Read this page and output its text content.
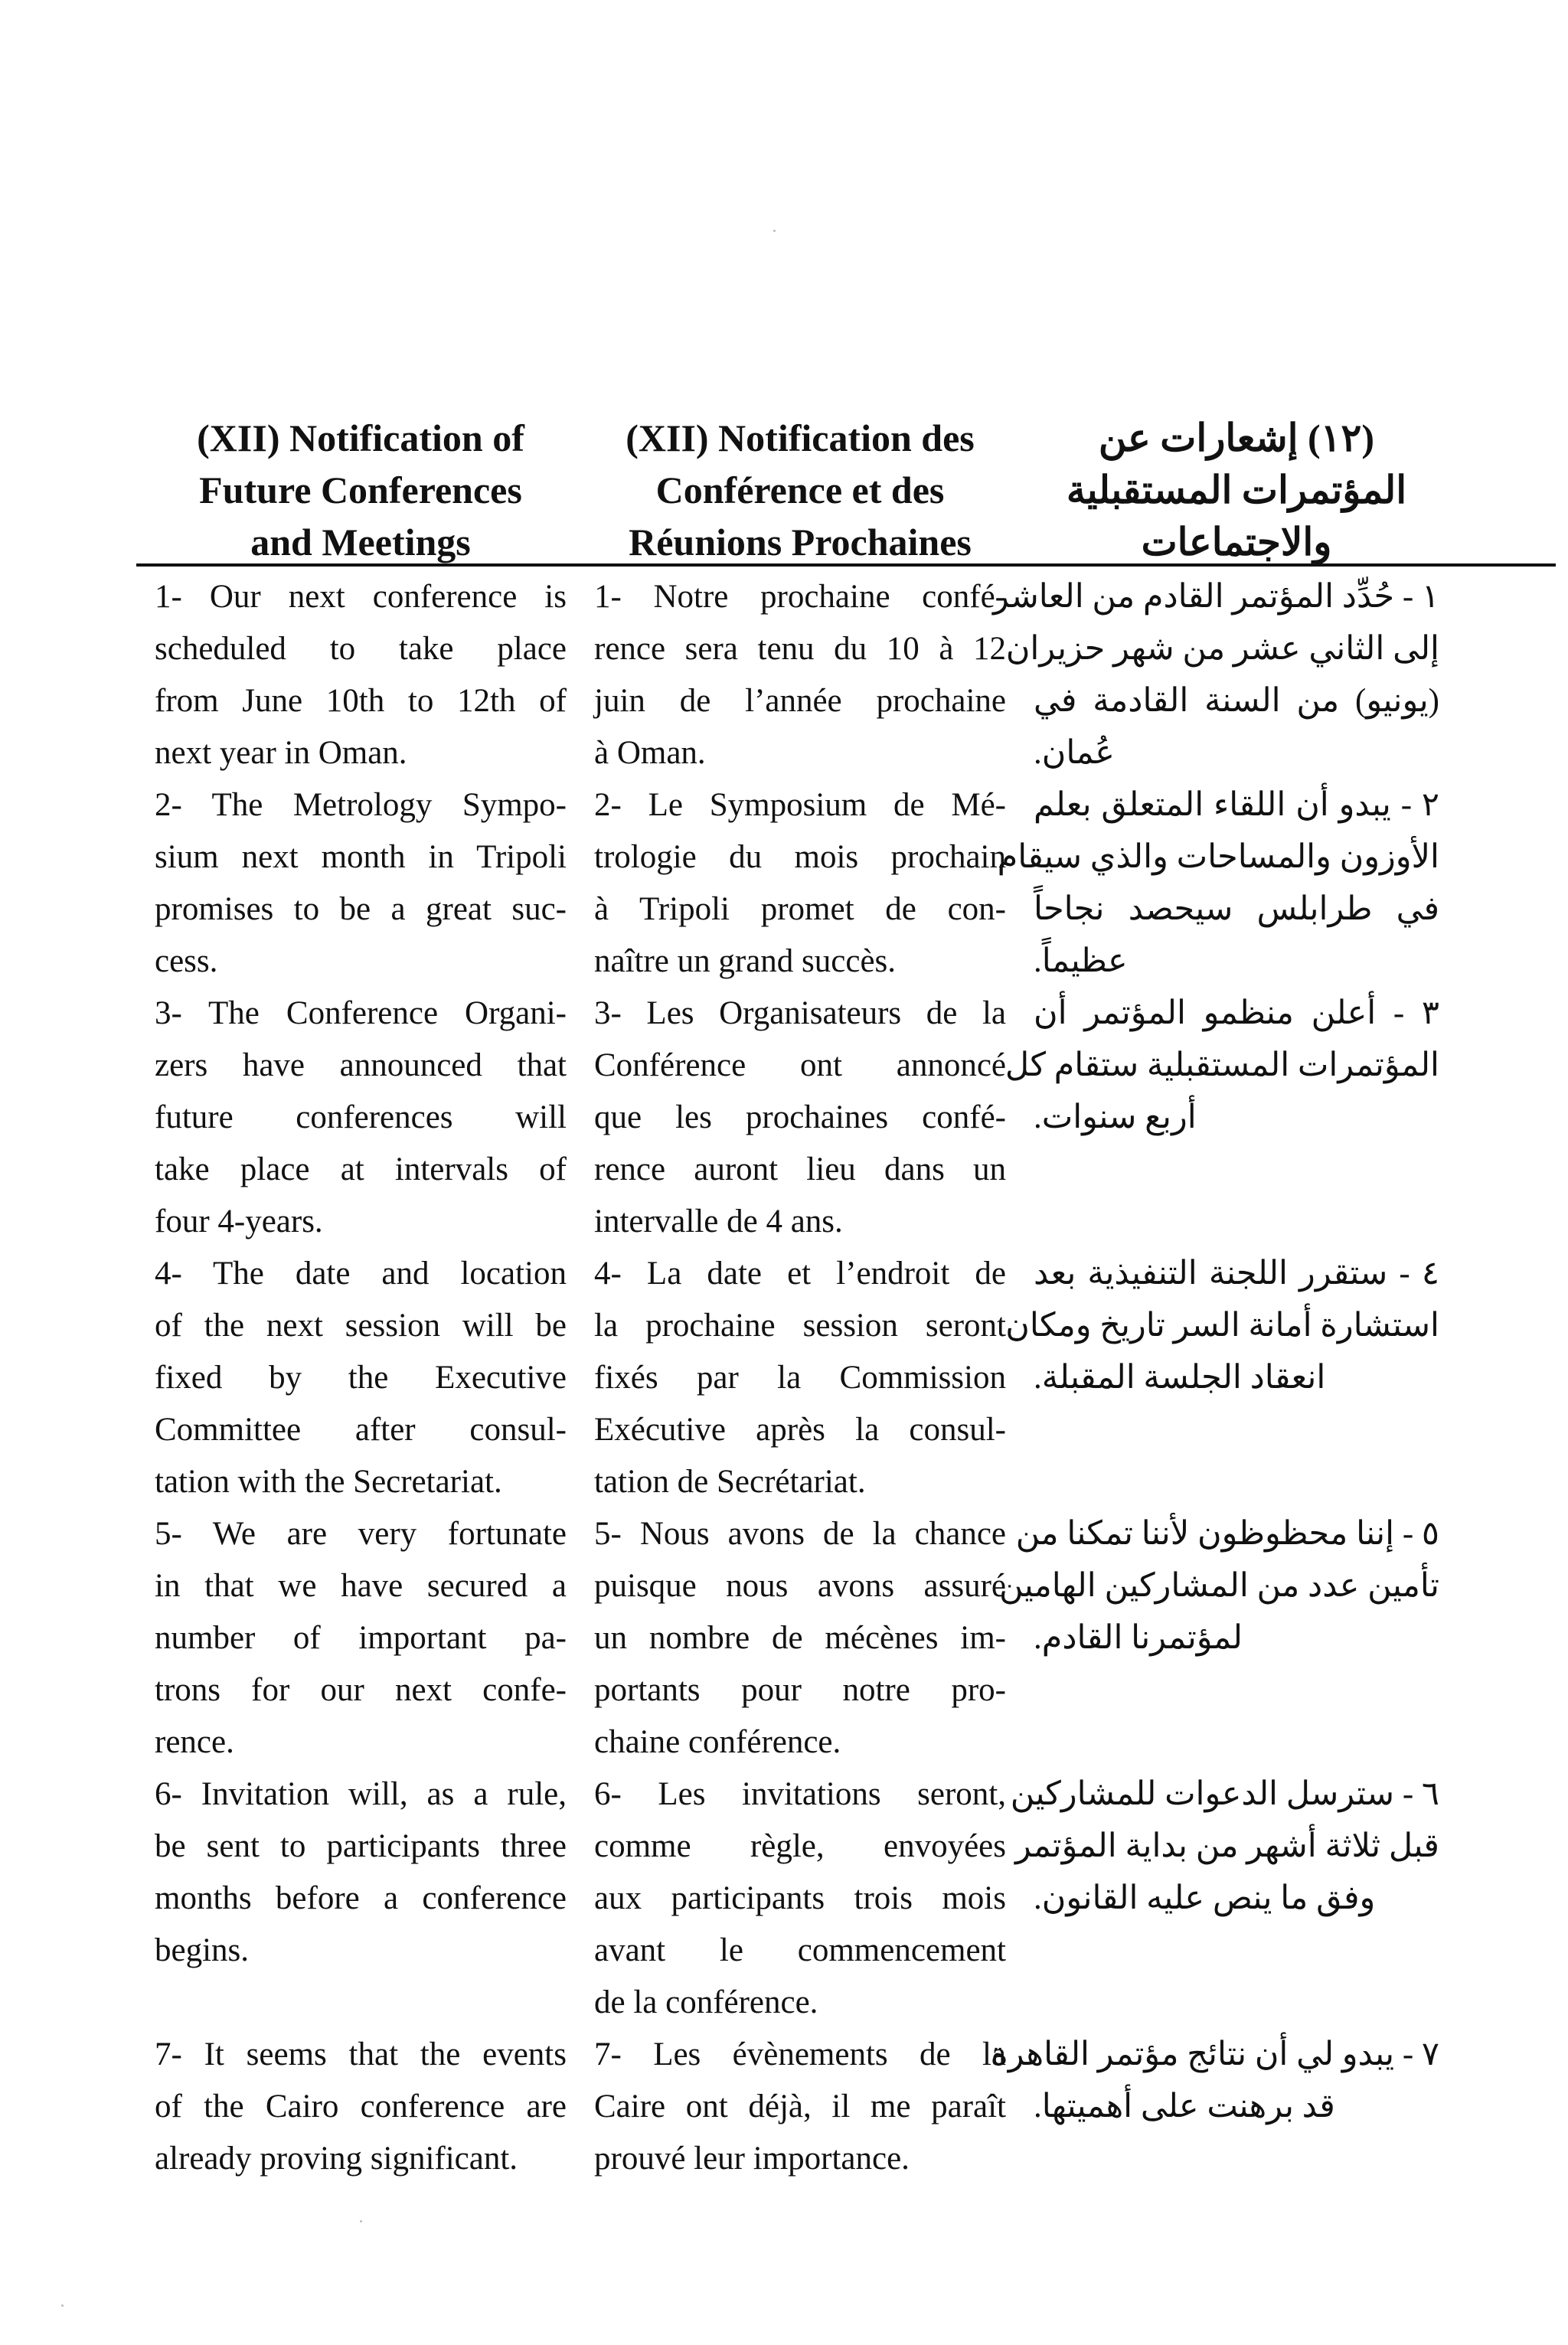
(XII) Notification of
Future Conferences
and Meetings
(XII) Notification des
Conférence et des
Réunions Prochaines
(١٢) إشعارات عن
المؤتمرات المستقبلية
والاجتماعات
1- Our next conference is
scheduled to take place
from June 10th to 12th of
next year in Oman.
1- Notre prochaine confé-
rence sera tenu du 10 à 12
juin de l’année prochaine
à Oman.
١ - حُدِّد المؤتمر القادم من العاشر
إلى الثاني عشر من شهر حزيران
(يونيو) من السنة القادمة في
عُمان.
2- The Metrology Sympo-
sium next month in Tripoli
promises to be a great suc-
cess.
2- Le Symposium de Mé-
trologie du mois prochain
à Tripoli promet de con-
naître un grand succès.
٢ - يبدو أن اللقاء المتعلق بعلم
الأوزون والمساحات والذي سيقام
في طرابلس سيحصد نجاحاً
عظيماً.
3- The Conference Organi-
zers have announced that
future conferences will
take place at intervals of
four 4-years.
3- Les Organisateurs de la
Conférence ont annoncé
que les prochaines confé-
rence auront lieu dans un
intervalle de 4 ans.
٣ - أعلن منظمو المؤتمر أن
المؤتمرات المستقبلية ستقام كل
أربع سنوات.
4- The date and location
of the next session will be
fixed by the Executive
Committee after consul-
tation with the Secretariat.
4- La date et l’endroit de
la prochaine session seront
fixés par la Commission
Exécutive après la consul-
tation de Secrétariat.
٤ - ستقرر اللجنة التنفيذية بعد
استشارة أمانة السر تاريخ ومكان
انعقاد الجلسة المقبلة.
5- We are very fortunate
in that we have secured a
number of important pa-
trons for our next confe-
rence.
5- Nous avons de la chance
puisque nous avons assuré
un nombre de mécènes im-
portants pour notre pro-
chaine conférence.
٥ - إننا محظوظون لأننا تمكنا من
تأمين عدد من المشاركين الهامين
لمؤتمرنا القادم.
6- Invitation will, as a rule,
be sent to participants three
months before a conference
begins.
6- Les invitations seront,
comme règle, envoyées
aux participants trois mois
avant le commencement
de la conférence.
٦ - سترسل الدعوات للمشاركين
قبل ثلاثة أشهر من بداية المؤتمر
وفق ما ينص عليه القانون.
7- It seems that the events
of the Cairo conference are
already proving significant.
7- Les évènements de la
Caire ont déjà, il me paraît
prouvé leur importance.
٧ - يبدو لي أن نتائج مؤتمر القاهرة
قد برهنت على أهميتها.
